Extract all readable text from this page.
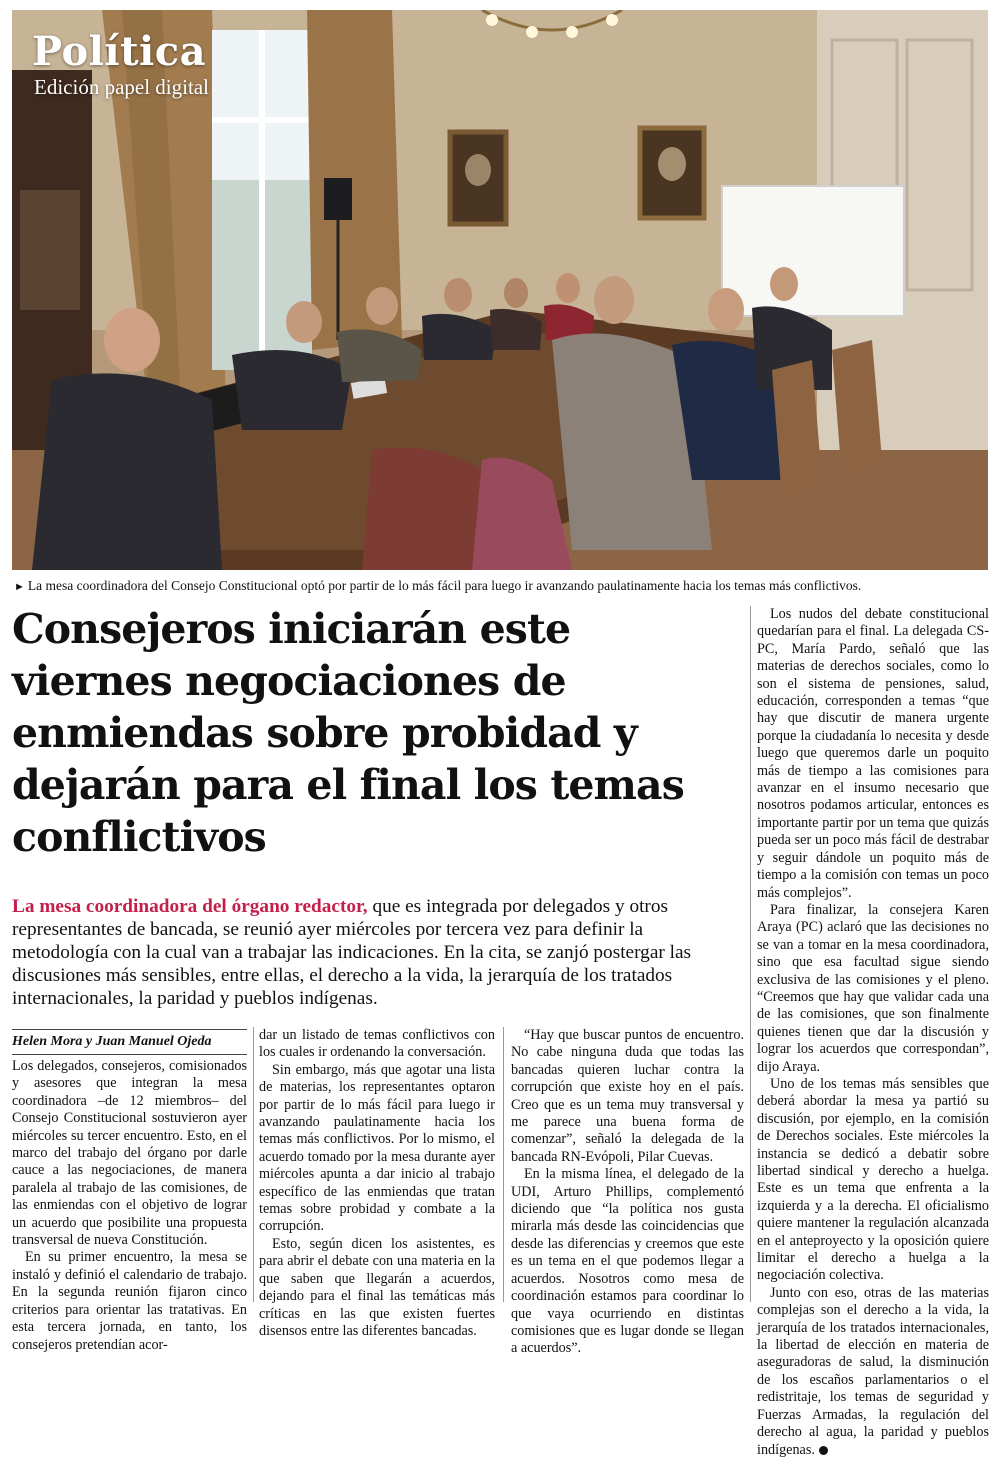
Política
Edición papel digital
► La mesa coordinadora del Consejo Constitucional optó por partir de lo más fácil para luego ir avanzando paulatinamente hacia los temas más conflictivos.
Consejeros iniciarán este viernes negociaciones de enmiendas sobre probidad y dejarán para el final los temas conflictivos
La mesa coordinadora del órgano redactor, que es integrada por delegados y otros representantes de bancada, se reunió ayer miércoles por tercera vez para definir la metodología con la cual van a trabajar las indicaciones. En la cita, se zanjó postergar las discusiones más sensibles, entre ellas, el derecho a la vida, la jerarquía de los tratados internacionales, la paridad y pueblos indígenas.
Helen Mora y Juan Manuel Ojeda

Los delegados, consejeros, comisionados y asesores que integran la mesa coordinadora –de 12 miembros– del Consejo Constitucional sostuvieron ayer miércoles su tercer encuentro. Esto, en el marco del trabajo del órgano por darle cauce a las negociaciones, de manera paralela al trabajo de las comisiones, de las enmiendas con el objetivo de lograr un acuerdo que posibilite una propuesta transversal de nueva Constitución.

En su primer encuentro, la mesa se instaló y definió el calendario de trabajo. En la segunda reunión fijaron cinco criterios para orientar las tratativas. En esta tercera jornada, en tanto, los consejeros pretendían acor-

dar un listado de temas conflictivos con los cuales ir ordenando la conversación.

Sin embargo, más que agotar una lista de materias, los representantes optaron por partir de lo más fácil para luego ir avanzando paulatinamente hacia los temas más conflictivos. Por lo mismo, el acuerdo tomado por la mesa durante ayer miércoles apunta a dar inicio al trabajo específico de las enmiendas que tratan temas sobre probidad y combate a la corrupción.

Esto, según dicen los asistentes, es para abrir el debate con una materia en la que saben que llegarán a acuerdos, dejando para el final las temáticas más críticas en las que existen fuertes disensos entre las diferentes bancadas.

“Hay que buscar puntos de encuentro. No cabe ninguna duda que todas las bancadas quieren luchar contra la corrupción que existe hoy en el país. Creo que es un tema muy transversal y me parece una buena forma de comenzar”, señaló la delegada de la bancada RN-Evópoli, Pilar Cuevas.

En la misma línea, el delegado de la UDI, Arturo Phillips, complementó diciendo que “la política nos gusta mirarla más desde las coincidencias que desde las diferencias y creemos que este es un tema en el que podemos llegar a acuerdos. Nosotros como mesa de coordinación estamos para coordinar lo que vaya ocurriendo en distintas comisiones que es lugar donde se llegan a acuerdos”.

Los nudos del debate constitucional quedarían para el final. La delegada CS-PC, María Pardo, señaló que las materias de derechos sociales, como lo son el sistema de pensiones, salud, educación, corresponden a temas “que hay que discutir de manera urgente porque la ciudadanía lo necesita y desde luego que queremos darle un poquito más de tiempo a las comisiones para avanzar en el insumo necesario que nosotros podamos articular, entonces es importante partir por un tema que quizás pueda ser un poco más fácil de destrabar y seguir dándole un poquito más de tiempo a la comisión con temas un poco más complejos”.

Para finalizar, la consejera Karen Araya (PC) aclaró que las decisiones no se van a tomar en la mesa coordinadora, sino que esa facultad sigue siendo exclusiva de las comisiones y el pleno. “Creemos que hay que validar cada una de las comisiones, que son finalmente quienes tienen que dar la discusión y lograr los acuerdos que correspondan”, dijo Araya.

Uno de los temas más sensibles que deberá abordar la mesa ya partió su discusión, por ejemplo, en la comisión de Derechos sociales. Este miércoles la instancia se dedicó a debatir sobre libertad sindical y derecho a huelga. Este es un tema que enfrenta a la izquierda y a la derecha. El oficialismo quiere mantener la regulación alcanzada en el anteproyecto y la oposición quiere limitar el derecho a huelga a la negociación colectiva.

Junto con eso, otras de las materias complejas son el derecho a la vida, la jerarquía de los tratados internacionales, la libertad de elección en materia de aseguradoras de salud, la disminución de los escaños parlamentarios o el redistritaje, los temas de seguridad y Fuerzas Armadas, la regulación del derecho al agua, la paridad y pueblos indígenas.
